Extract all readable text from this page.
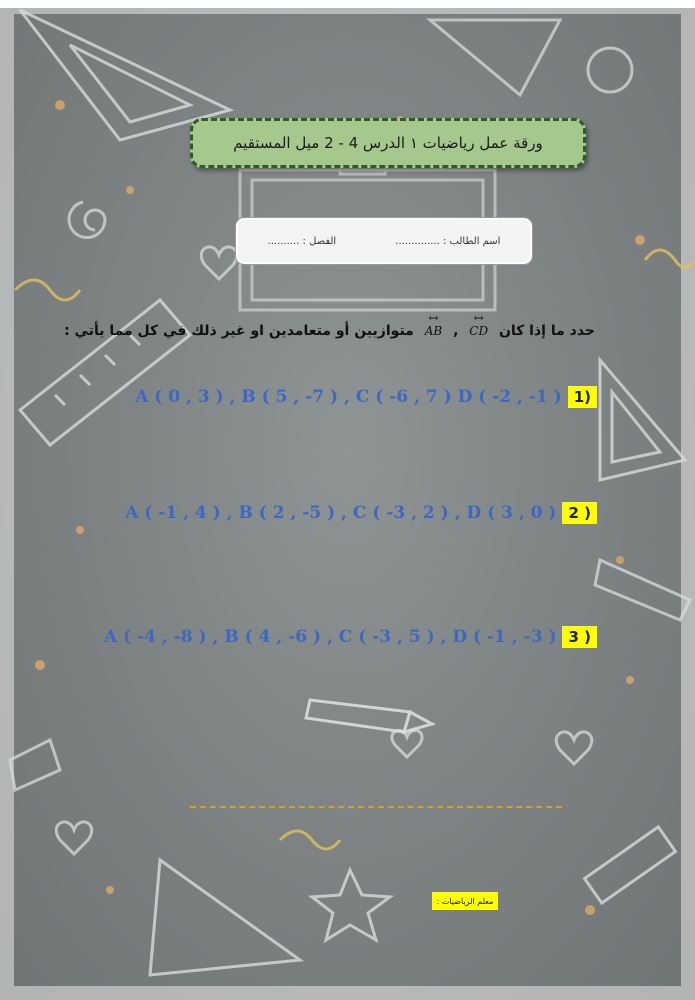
ورقة عمل رياضيات ١ الدرس 4 - 2 ميل المستقيم
اسم الطالب : ..............
الفصل : ..........
حدد ما إذا كان
↔
CD ,
↔
AB متوازيين أو متعامدين او غير ذلك في كل مما يأتي :
A ( 0 , 3 ) , B ( 5 , -7 ) , C ( -6 , 7 ) D ( -2 , -1 ) 1)
A ( -1 , 4 ) , B ( 2 , -5 ) , C ( -3 , 2 ) , D ( 3 , 0 ) 2 )
A ( -4 , -8 ) , B ( 4 , -6 ) , C ( -3 , 5 ) , D ( -1 , -3 ) 3 )
معلم الرياضيات :
